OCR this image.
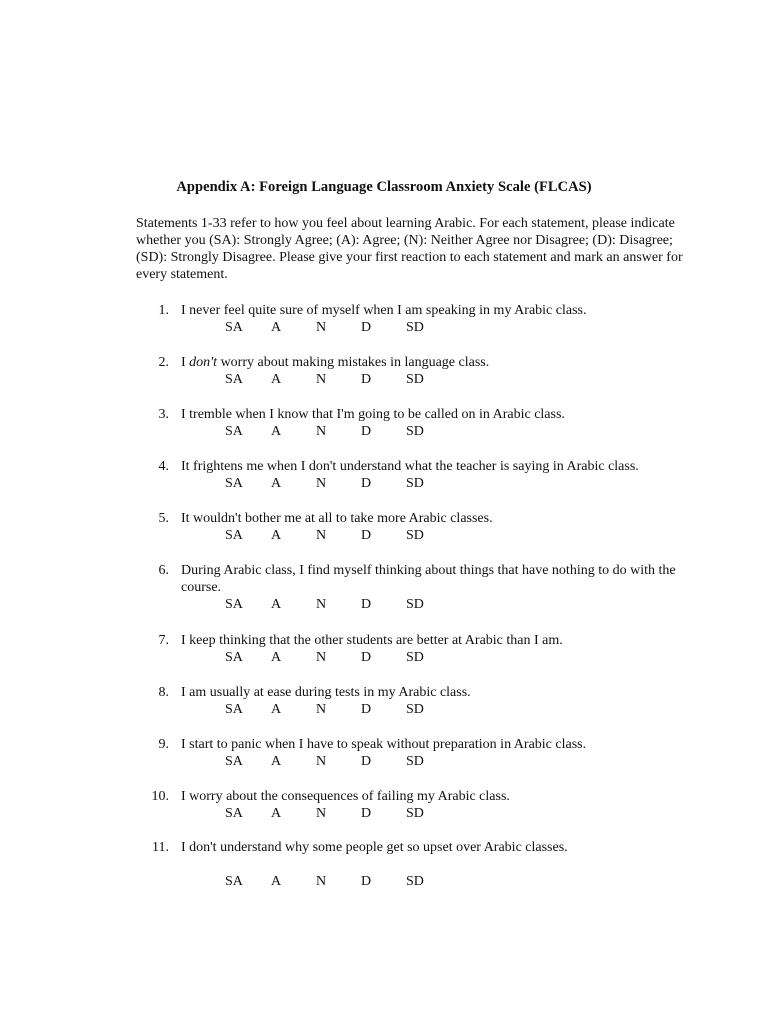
Appendix A: Foreign Language Classroom Anxiety Scale (FLCAS)
Statements 1-33 refer to how you feel about learning Arabic. For each statement, please indicate whether you (SA): Strongly Agree; (A): Agree; (N): Neither Agree nor Disagree; (D): Disagree; (SD): Strongly Disagree. Please give your first reaction to each statement and mark an answer for every statement.
1. I never feel quite sure of myself when I am speaking in my Arabic class.
SA A N D SD
2. I don't worry about making mistakes in language class.
SA A N D SD
3. I tremble when I know that I'm going to be called on in Arabic class.
SA A N D SD
4. It frightens me when I don't understand what the teacher is saying in Arabic class.
SA A N D SD
5. It wouldn't bother me at all to take more Arabic classes.
SA A N D SD
6. During Arabic class, I find myself thinking about things that have nothing to do with the course.
SA A N D SD
7. I keep thinking that the other students are better at Arabic than I am.
SA A N D SD
8. I am usually at ease during tests in my Arabic class.
SA A N D SD
9. I start to panic when I have to speak without preparation in Arabic class.
SA A N D SD
10. I worry about the consequences of failing my Arabic class.
SA A N D SD
11. I don't understand why some people get so upset over Arabic classes.
SA A N D SD
